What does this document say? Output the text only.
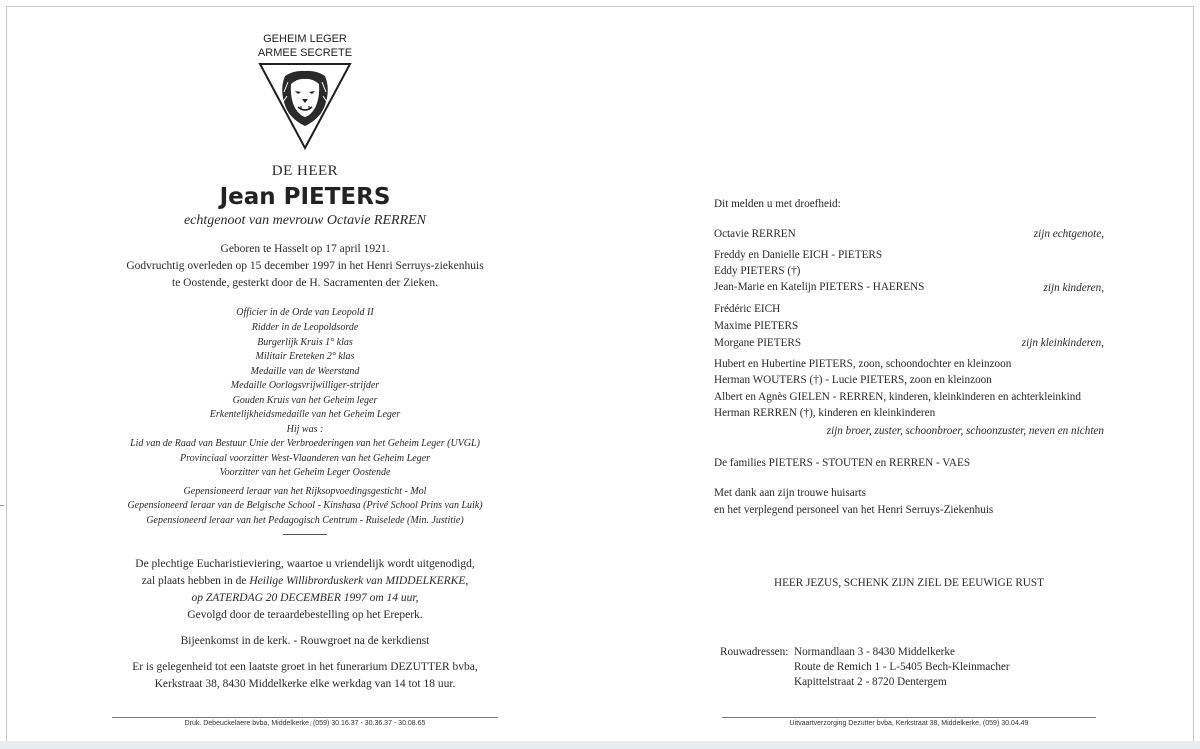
GEHEIM LEGER
ARMEE SECRETE
DE HEER
Jean PIETERS
echtgenoot van mevrouw Octavie RERREN
Geboren te Hasselt op 17 april 1921.
Godvruchtig overleden op 15 december 1997 in het Henri Serruys-ziekenhuis
te Oostende, gesterkt door de H. Sacramenten der Zieken.
Officier in de Orde van Leopold II
Ridder in de Leopoldsorde
Burgerlijk Kruis 1° klas
Militair Ereteken 2° klas
Medaille van de Weerstand
Medaille Oorlogsvrijwilliger-strijder
Gouden Kruis van het Geheim leger
Erkentelijkheidsmedaille van het Geheim Leger
Hij was :
Lid van de Raad van Bestuur Unie der Verbroederingen van het Geheim Leger (UVGL)
Provinciaal voorzitter West-Vlaanderen van het Geheim Leger
Voorzitter van het Geheim Leger Oostende
Gepensioneerd leraar van het Rijksopvoedingsgesticht - Mol
Gepensioneerd leraar van de Belgische School - Kinshasa (Privé School Prins van Luik)
Gepensioneerd leraar van het Pedagogisch Centrum - Ruiselede (Min. Justitie)
De plechtige Eucharistieviering, waartoe u vriendelijk wordt uitgenodigd,
zal plaats hebben in de Heilige Willibrorduskerk van MIDDELKERKE,
op ZATERDAG 20 DECEMBER 1997 om 14 uur,
Gevolgd door de teraardebestelling op het Ereperk.
Bijeenkomst in de kerk. - Rouwgroet na de kerkdienst
Er is gelegenheid tot een laatste groet in het funerarium DEZUTTER bvba,
Kerkstraat 38, 8430 Middelkerke elke werkdag van 14 tot 18 uur.
Druk. Debeuckelaere bvba, Middelkerke, (059) 30.16.37 - 30.36.37 - 30.08.65
Dit melden u met droefheid:
Octavie RERREN	zijn echtgenote,
Freddy en Danielle EICH - PIETERS
Eddy PIETERS (†)
Jean-Marie en Katelijn PIETERS - HAERENS	zijn kinderen,
Frédéric EICH
Maxime PIETERS
Morgane PIETERS	zijn kleinkinderen,
Hubert en Hubertine PIETERS, zoon, schoondochter en kleinzoon
Herman WOUTERS (†) - Lucie PIETERS, zoon en kleinzoon
Albert en Agnès GIELEN - RERREN, kinderen, kleinkinderen en achterkleinkind
Herman RERREN (†), kinderen en kleinkinderen
zijn broer, zuster, schoonbroer, schoonzuster, neven en nichten
De families PIETERS - STOUTEN en RERREN - VAES
Met dank aan zijn trouwe huisarts
en het verplegend personeel van het Henri Serruys-Ziekenhuis
HEER JEZUS, SCHENK ZIJN ZIEL DE EEUWIGE RUST
Rouwadressen: Normandlaan 3 - 8430 Middelkerke
Route de Remich 1 - L-5405 Bech-Kleinmacher
Kapittelstraat 2 - 8720 Dentergem
Uitvaartverzorging Dezutter bvba, Kerkstraat 38, Middelkerke, (059) 30.04.49
